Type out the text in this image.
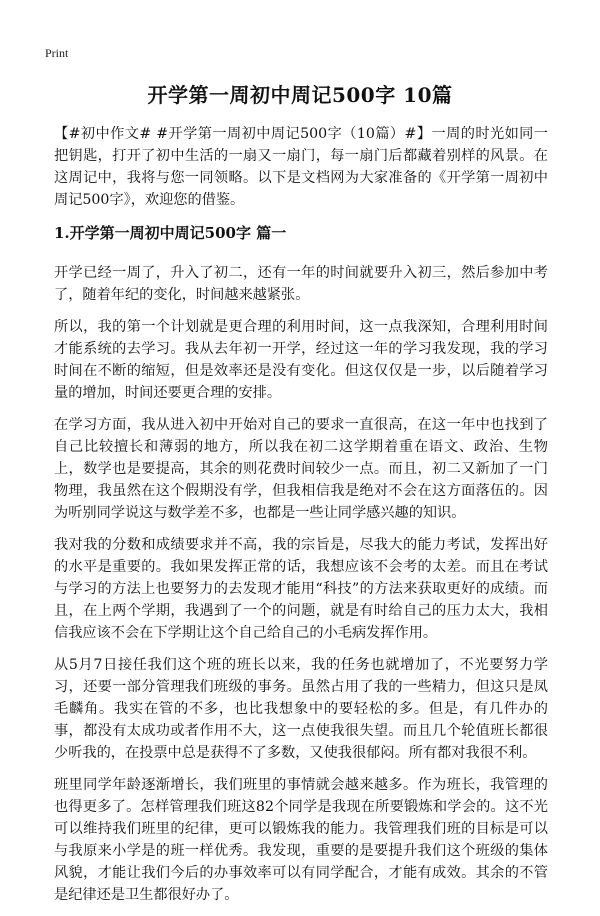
Print
开学第一周初中周记500字 10篇

【#初中作文# #开学第一周初中周记500字（10篇）#】一周的时光如同一把钥匙，打开了初中生活的一扇又一扇门，每一扇门后都藏着别样的风景。在这周记中，我将与您一同领略。以下是文档网为大家准备的《开学第一周初中周记500字》，欢迎您的借鉴。

1.开学第一周初中周记500字 篇一

开学已经一周了，升入了初二，还有一年的时间就要升入初三，然后参加中考了，随着年纪的变化，时间越来越紧张。

所以，我的第一个计划就是更合理的利用时间，这一点我深知，合理利用时间才能系统的去学习。我从去年初一开学，经过这一年的学习我发现，我的学习时间在不断的缩短，但是效率还是没有变化。但这仅仅是一步，以后随着学习量的增加，时间还要更合理的安排。

在学习方面，我从进入初中开始对自己的要求一直很高，在这一年中也找到了自己比较擅长和薄弱的地方，所以我在初二这学期着重在语文、政治、生物上，数学也是要提高，其余的则花费时间较少一点。而且，初二又新加了一门物理，我虽然在这个假期没有学，但我相信我是绝对不会在这方面落伍的。因为听别同学说这与数学差不多，也都是一些让同学感兴趣的知识。

我对我的分数和成绩要求并不高，我的宗旨是，尽我大的能力考试，发挥出好的水平是重要的。我如果发挥正常的话，我想应该不会考的太差。而且在考试与学习的方法上也要努力的去发现才能用“科技”的方法来获取更好的成绩。而且，在上两个学期，我遇到了一个的问题，就是有时给自己的压力太大，我相信我应该不会在下学期让这个自己给自己的小毛病发挥作用。

从5月7日接任我们这个班的班长以来，我的任务也就增加了，不光要努力学习，还要一部分管理我们班级的事务。虽然占用了我的一些精力，但这只是凤毛麟角。我实在管的不多，也比我想象中的要轻松的多。但是，有几件办的事，都没有太成功或者作用不大，这一点使我很失望。而且几个轮值班长都很少听我的，在投票中总是获得不了多数，又使我很郁闷。所有都对我很不利。

班里同学年龄逐渐增长，我们班里的事情就会越来越多。作为班长，我管理的也得更多了。怎样管理我们班这82个同学是我现在所要锻炼和学会的。这不光可以维持我们班里的纪律，更可以锻炼我的能力。我管理我们班的目标是可以与我原来小学是的班一样优秀。我发现，重要的是要提升我们这个班级的集体风貌，才能让我们今后的办事效率可以有同学配合，才能有成效。其余的不管是纪律还是卫生都很好办了。
